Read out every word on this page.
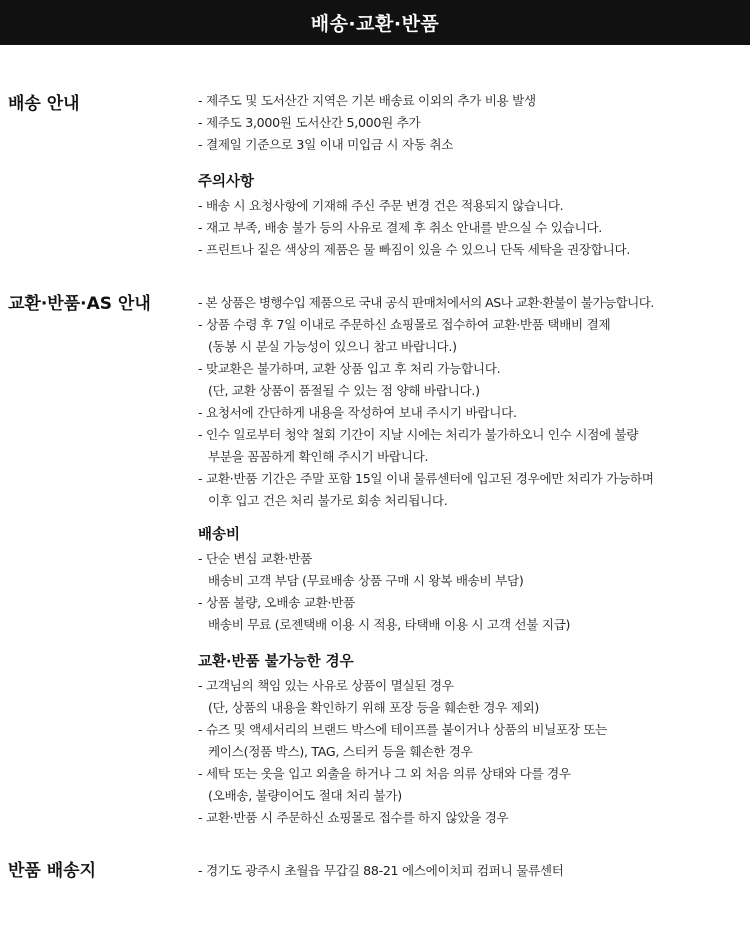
배송·교환·반품
배송 안내	- 제주도 및 도서산간 지역은 기본 배송료 이외의 추가 비용 발생
- 제주도 3,000원 도서산간 5,000원 추가
- 결제일 기준으로 3일 이내 미입금 시 자동 취소
주의사항
- 배송 시 요청사항에 기재해 주신 주문 변경 건은 적용되지 않습니다.
- 재고 부족, 배송 불가 등의 사유로 결제 후 취소 안내를 받으실 수 있습니다.
- 프린트나 짙은 색상의 제품은 물 빠짐이 있을 수 있으니 단독 세탁을 권장합니다.
교환·반품·AS 안내	- 본 상품은 병행수입 제품으로 국내 공식 판매처에서의 AS나 교환·환불이 불가능합니다.
- 상품 수령 후 7일 이내로 주문하신 쇼핑몰로 접수하여 교환·반품 택배비 결제
(동봉 시 분실 가능성이 있으니 참고 바랍니다.)
- 맞교환은 불가하며, 교환 상품 입고 후 처리 가능합니다.
(단, 교환 상품이 품절될 수 있는 점 양해 바랍니다.)
- 요청서에 간단하게 내용을 작성하여 보내 주시기 바랍니다.
- 인수 일로부터 청약 철회 기간이 지날 시에는 처리가 불가하오니 인수 시점에 불량
부분을 꼼꼼하게 확인해 주시기 바랍니다.
- 교환·반품 기간은 주말 포함 15일 이내 물류센터에 입고된 경우에만 처리가 가능하며
이후 입고 건은 처리 불가로 회송 처리됩니다.
배송비
- 단순 변심 교환·반품
배송비 고객 부담 (무료배송 상품 구매 시 왕복 배송비 부담)
- 상품 불량, 오배송 교환·반품
배송비 무료 (로젠택배 이용 시 적용, 타택배 이용 시 고객 선불 지급)
교환·반품 불가능한 경우
- 고객님의 책임 있는 사유로 상품이 멸실된 경우
(단, 상품의 내용을 확인하기 위해 포장 등을 훼손한 경우 제외)
- 슈즈 및 액세서리의 브랜드 박스에 테이프를 붙이거나 상품의 비닐포장 또는
케이스(정품 박스), TAG, 스티커 등을 훼손한 경우
- 세탁 또는 옷을 입고 외출을 하거나 그 외 처음 의류 상태와 다를 경우
(오배송, 불량이어도 절대 처리 불가)
- 교환·반품 시 주문하신 쇼핑몰로 접수를 하지 않았을 경우
반품 배송지	- 경기도 광주시 초월읍 무갑길 88-21 에스에이치피 컴퍼니 물류센터
